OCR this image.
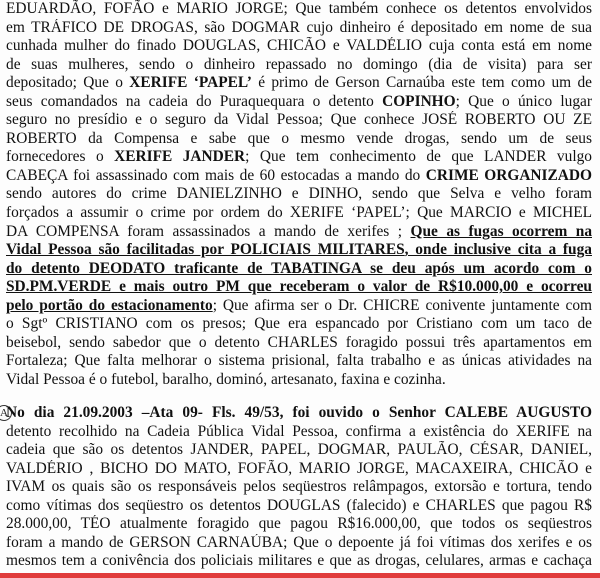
EDUARDÃO, FOFÃO e MARIO JORGE; Que também conhece os detentos envolvidos
em TRÁFICO DE DROGAS, são DOGMAR cujo dinheiro é depositado em nome de sua
cunhada mulher do finado DOUGLAS, CHICÃO e VALDÉLIO cuja conta está em nome
de suas mulheres, sendo o dinheiro repassado no domingo (dia de visita) para ser
depositado; Que o XERIFE ‘PAPEL’ é primo de Gerson Carnaúba este tem como um de
seus comandados na cadeia do Puraquequara o detento COPINHO; Que o único lugar
seguro no presídio e o seguro da Vidal Pessoa; Que conhece JOSÉ ROBERTO OU ZE
ROBERTO da Compensa e sabe que o mesmo vende drogas, sendo um de seus
fornecedores o XERIFE JANDER; Que tem conhecimento de que LANDER vulgo
CABEÇA foi assassinado com mais de 60 estocadas a mando do CRIME ORGANIZADO
sendo autores do crime DANIELZINHO e DINHO, sendo que Selva e velho foram
forçados a assumir o crime por ordem do XERIFE ‘PAPEL’; Que MARCIO e MICHEL
DA COMPENSA foram assassinados a mando de xerifes ; Que as fugas ocorrem na
Vidal Pessoa são facilitadas por POLICIAIS MILITARES, onde inclusive cita a fuga
do detento DEODATO traficante de TABATINGA se deu após um acordo com o
SD.PM.VERDE e mais outro PM que receberam o valor de R$10.000,00 e ocorreu
pelo portão do estacionamento; Que afirma ser o Dr. CHICRE conivente juntamente com
o Sgtº CRISTIANO com os presos; Que era espancado por Cristiano com um taco de
beisebol, sendo sabedor que o detento CHARLES foragido possui três apartamentos em
Fortaleza; Que falta melhorar o sistema prisional, falta trabalho e as únicas atividades na
Vidal Pessoa é o futebol, baralho, dominó, artesanato, faxina e cozinha.
A
No dia 21.09.2003 –Ata 09- Fls. 49/53, foi ouvido o Senhor CALEBE AUGUSTO
detento recolhido na Cadeia Pública Vidal Pessoa, confirma a existência do XERIFE na
cadeia que são os detentos JANDER, PAPEL, DOGMAR, PAULÃO, CÉSAR, DANIEL,
VALDÉRIO , BICHO DO MATO, FOFÃO, MARIO JORGE, MACAXEIRA, CHICÃO e
IVAM os quais são os responsáveis pelos seqüestros relâmpagos, extorsão e tortura, tendo
como vítimas dos seqüestro os detentos DOUGLAS (falecido) e CHARLES que pagou R$
28.000,00, TÉO atualmente foragido que pagou R$16.000,00, que todos os seqüestros
foram a mando de GERSON CARNAÚBA; Que o depoente já foi vítimas dos xerifes e os
mesmos tem a conivência dos policiais militares e que as drogas, celulares, armas e cachaça
